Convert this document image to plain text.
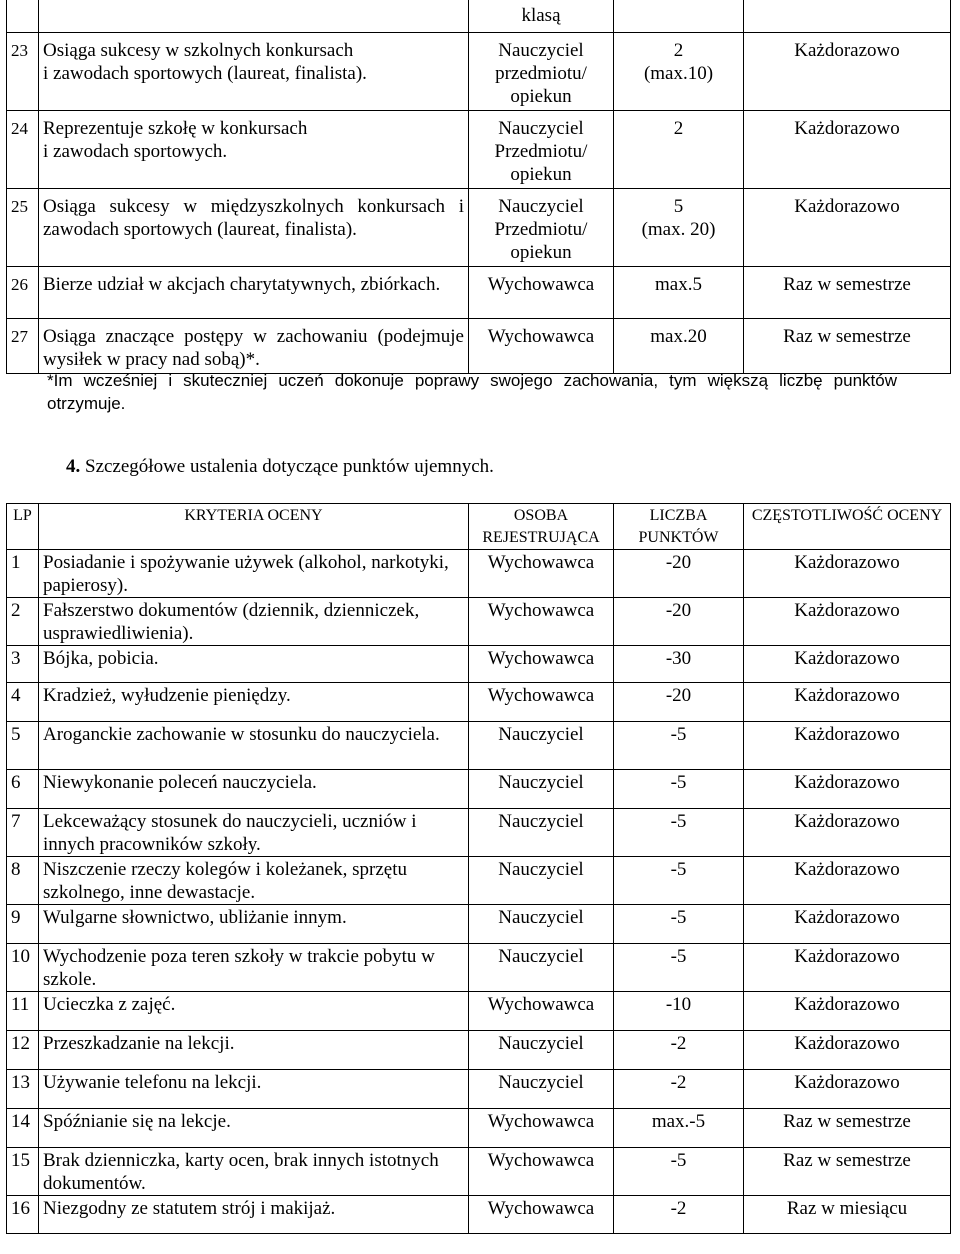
		klasą		
23	Osiąga sukcesy w szkolnych konkursach
i zawodach sportowych (laureat, finalista).	Nauczyciel
przedmiotu/
opiekun	2
(max.10)	Każdorazowo
24	Reprezentuje szkołę w konkursach
i zawodach sportowych.	Nauczyciel
Przedmiotu/
opiekun	2	Każdorazowo
25	Osiąga sukcesy w międzyszkolnych konkursach i zawodach sportowych (laureat, finalista).	Nauczyciel
Przedmiotu/
opiekun	5
(max. 20)	Każdorazowo
26	Bierze udział w akcjach charytatywnych, zbiórkach.	Wychowawca	max.5	Raz w semestrze
27	Osiąga znaczące postępy w zachowaniu (podejmuje wysiłek w pracy nad sobą)*.	Wychowawca	max.20	Raz w semestrze
*Im wcześniej i skuteczniej uczeń dokonuje poprawy swojego zachowania, tym większą liczbę punktów otrzymuje.
4. Szczegółowe ustalenia dotyczące punktów ujemnych.
LP	KRYTERIA OCENY	OSOBA REJESTRUJĄCA	LICZBA PUNKTÓW	CZĘSTOTLIWOŚĆ OCENY
1	Posiadanie i spożywanie używek (alkohol, narkotyki, papierosy).	Wychowawca	-20	Każdorazowo
2	Fałszerstwo dokumentów (dziennik, dzienniczek, usprawiedliwienia).	Wychowawca	-20	Każdorazowo
3	Bójka, pobicia.	Wychowawca	-30	Każdorazowo
4	Kradzież, wyłudzenie pieniędzy.	Wychowawca	-20	Każdorazowo
5	Aroganckie zachowanie w stosunku do nauczyciela.	Nauczyciel	-5	Każdorazowo
6	Niewykonanie poleceń nauczyciela.	Nauczyciel	-5	Każdorazowo
7	Lekceważący stosunek do nauczycieli, uczniów i innych pracowników szkoły.	Nauczyciel	-5	Każdorazowo
8	Niszczenie rzeczy kolegów i koleżanek, sprzętu szkolnego, inne dewastacje.	Nauczyciel	-5	Każdorazowo
9	Wulgarne słownictwo, ubliżanie innym.	Nauczyciel	-5	Każdorazowo
10	Wychodzenie poza teren szkoły w trakcie pobytu w szkole.	Nauczyciel	-5	Każdorazowo
11	Ucieczka z zajęć.	Wychowawca	-10	Każdorazowo
12	Przeszkadzanie na lekcji.	Nauczyciel	-2	Każdorazowo
13	Używanie telefonu na lekcji.	Nauczyciel	-2	Każdorazowo
14	Spóźnianie się na lekcje.	Wychowawca	max.-5	Raz w semestrze
15	Brak dzienniczka, karty ocen, brak innych istotnych dokumentów.	Wychowawca	-5	Raz w semestrze
16	Niezgodny ze statutem strój i makijaż.	Wychowawca	-2	Raz w miesiącu
